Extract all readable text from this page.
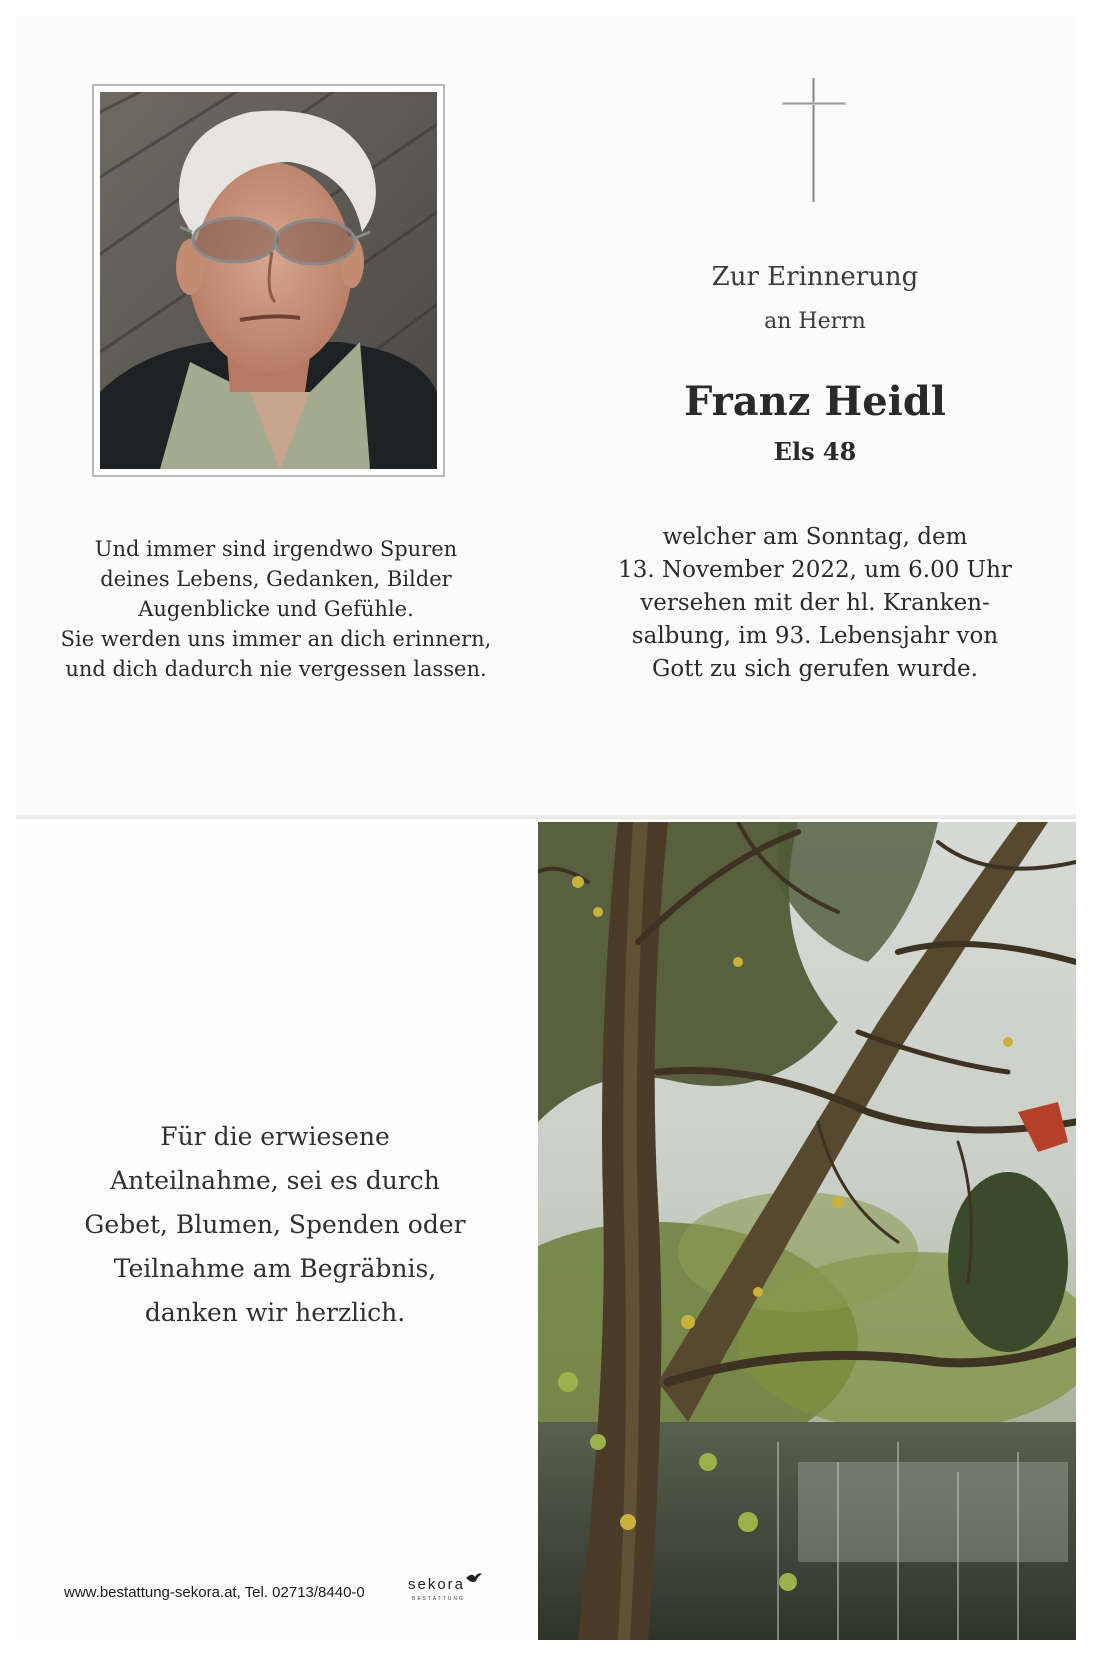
Und immer sind irgendwo Spuren
deines Lebens, Gedanken, Bilder
Augenblicke und Gefühle.
Sie werden uns immer an dich erinnern,
und dich dadurch nie vergessen lassen.
Zur Erinnerung
an Herrn
Franz Heidl
Els 48
welcher am Sonntag, dem
13. November 2022, um 6.00 Uhr
versehen mit der hl. Kranken-
salbung, im 93. Lebensjahr von
Gott zu sich gerufen wurde.
Für die erwiesene
Anteilnahme, sei es durch
Gebet, Blumen, Spenden oder
Teilnahme am Begräbnis,
danken wir herzlich.
www.bestattung-sekora.at, Tel. 02713/8440-0	sekora
BESTATTUNG
